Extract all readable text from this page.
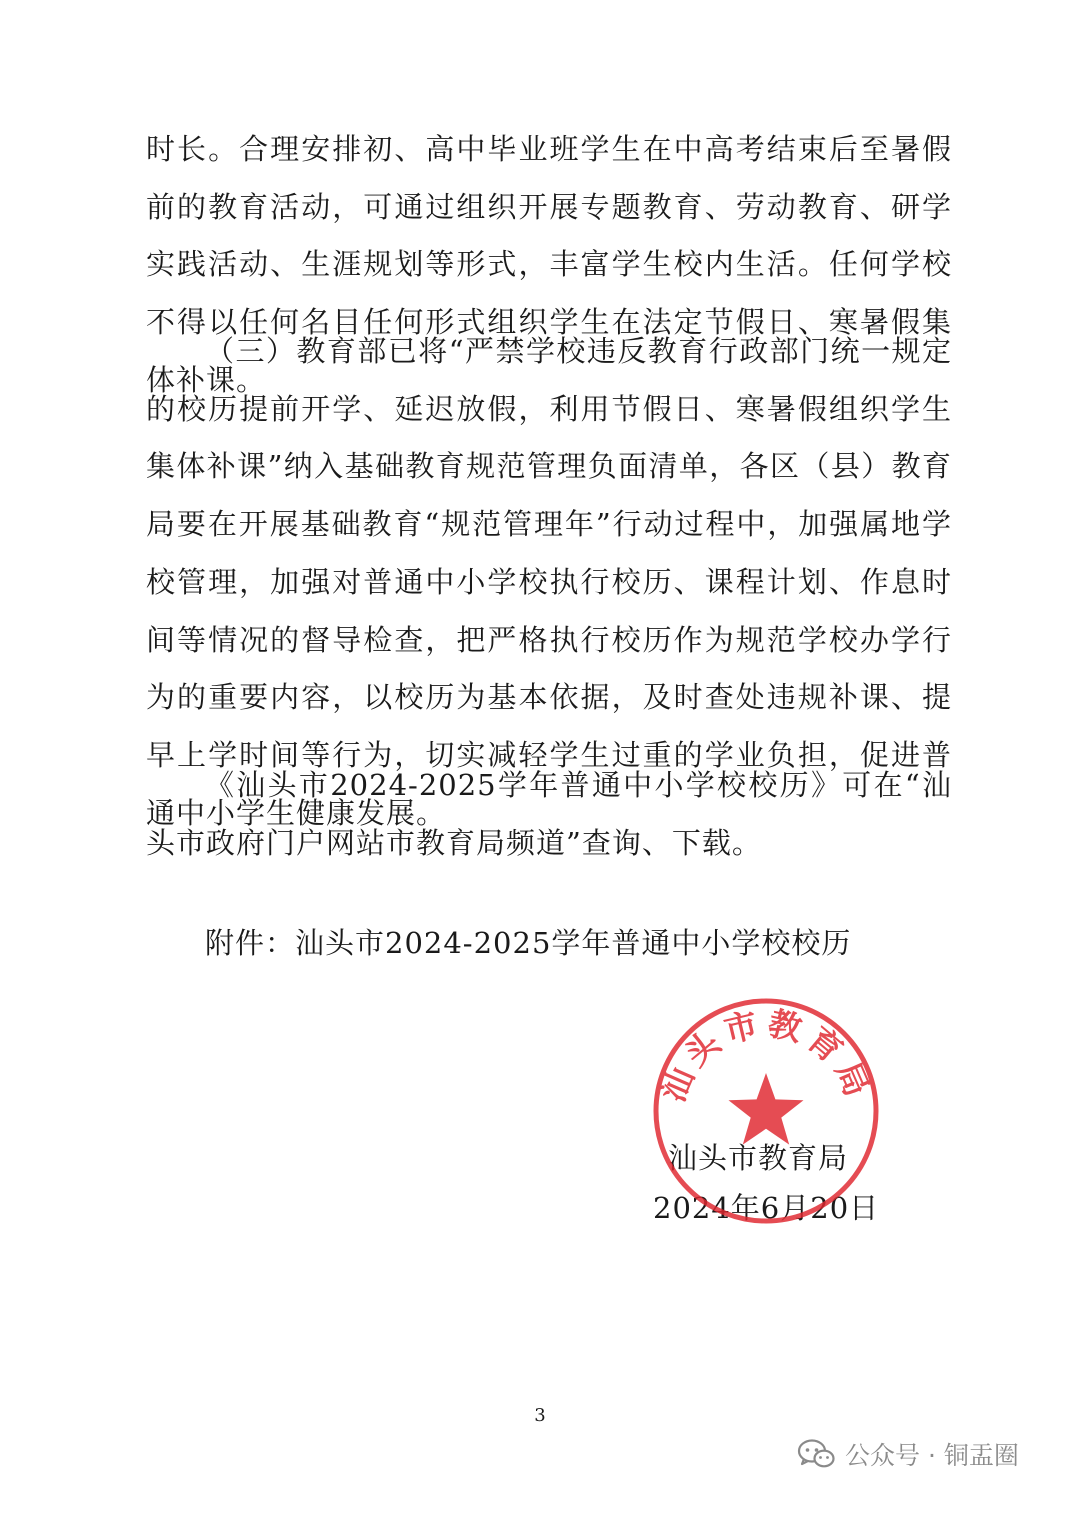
时长。合理安排初、高中毕业班学生在中高考结束后至暑假前的教育活动，可通过组织开展专题教育、劳动教育、研学实践活动、生涯规划等形式，丰富学生校内生活。任何学校不得以任何名目任何形式组织学生在法定节假日、寒暑假集体补课。

（三）教育部已将“严禁学校违反教育行政部门统一规定的校历提前开学、延迟放假，利用节假日、寒暑假组织学生集体补课”纳入基础教育规范管理负面清单，各区（县）教育局要在开展基础教育“规范管理年”行动过程中，加强属地学校管理，加强对普通中小学校执行校历、课程计划、作息时间等情况的督导检查，把严格执行校历作为规范学校办学行为的重要内容，以校历为基本依据，及时查处违规补课、提早上学时间等行为，切实减轻学生过重的学业负担，促进普通中小学生健康发展。

《汕头市2024-2025学年普通中小学校校历》可在“汕头市政府门户网站市教育局频道”查询、下载。

附件：汕头市2024-2025学年普通中小学校校历
汕头市教育局
2024年6月20日
汕头市教育局
3
公众号 · 铜盂圈
